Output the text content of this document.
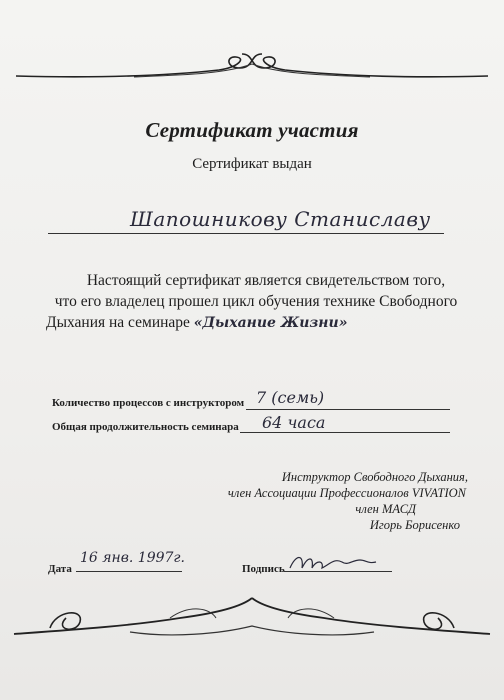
Сертификат участия
Сертификат выдан
Шапошникову Станиславу
Настоящий сертификат является свидетельством того,
что его владелец прошел цикл обучения технике Свободного
Дыхания на семинаре «Дыхание Жизни»
Количество процессов с инструктором 7 (семь)
Общая продолжительность семинара 64 часа
Инструктор Свободного Дыхания,
член Ассоциации Профессионалов VIVATION
член МАСД
Игорь Борисенко
Дата
16 янв. 1997г.
Подпись
